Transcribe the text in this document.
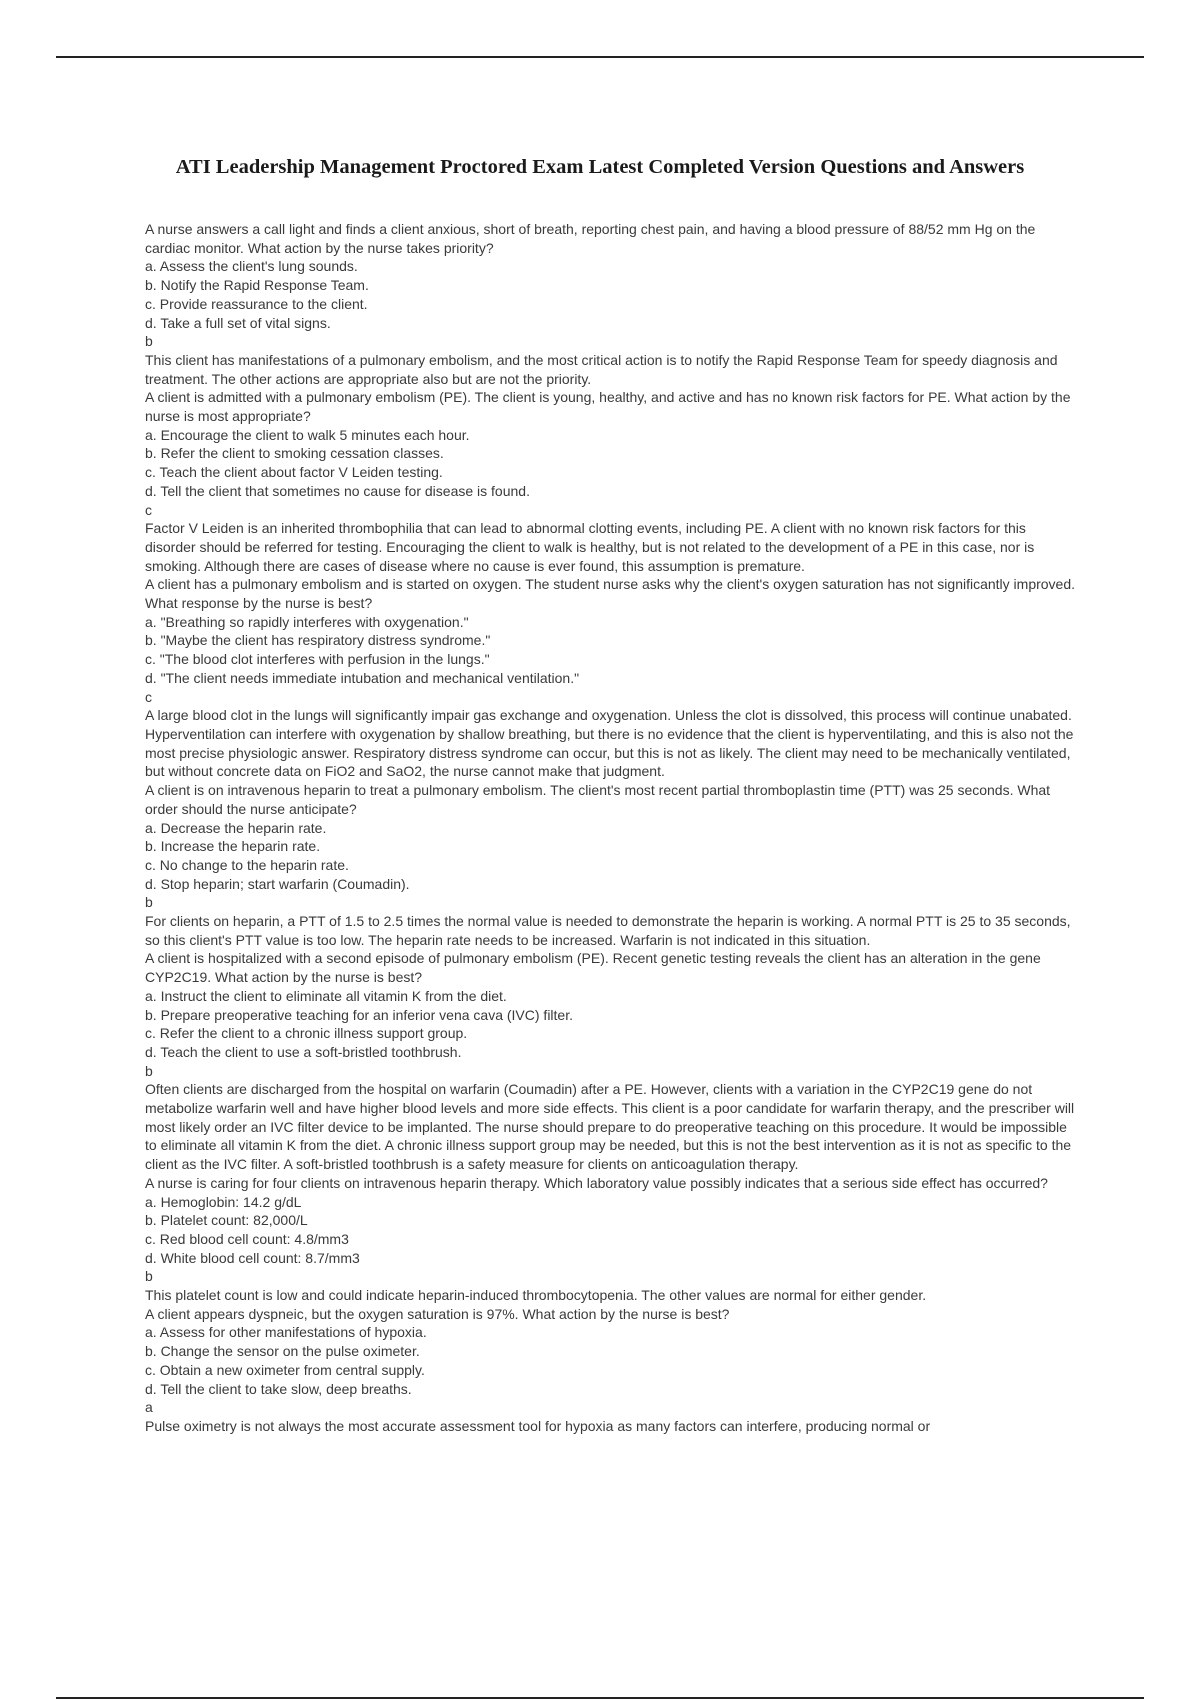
ATI Leadership Management Proctored Exam Latest Completed Version Questions and Answers

A nurse answers a call light and finds a client anxious, short of breath, reporting chest pain, and having a blood pressure of 88/52 mm Hg on the cardiac monitor. What action by the nurse takes priority?

a. Assess the client's lung sounds.
b. Notify the Rapid Response Team.
c. Provide reassurance to the client.
d. Take a full set of vital signs.

b

This client has manifestations of a pulmonary embolism, and the most critical action is to notify the Rapid Response Team for speedy diagnosis and treatment. The other actions are appropriate also but are not the priority.

A client is admitted with a pulmonary embolism (PE). The client is young, healthy, and active and has no known risk factors for PE. What action by the nurse is most appropriate?

a. Encourage the client to walk 5 minutes each hour.
b. Refer the client to smoking cessation classes.
c. Teach the client about factor V Leiden testing.
d. Tell the client that sometimes no cause for disease is found.

c

Factor V Leiden is an inherited thrombophilia that can lead to abnormal clotting events, including PE. A client with no known risk factors for this disorder should be referred for testing. Encouraging the client to walk is healthy, but is not related to the development of a PE in this case, nor is smoking. Although there are cases of disease where no cause is ever found, this assumption is premature.

A client has a pulmonary embolism and is started on oxygen. The student nurse asks why the client's oxygen saturation has not significantly improved. What response by the nurse is best?

a. "Breathing so rapidly interferes with oxygenation."
b. "Maybe the client has respiratory distress syndrome."
c. "The blood clot interferes with perfusion in the lungs."
d. "The client needs immediate intubation and mechanical ventilation."

c

A large blood clot in the lungs will significantly impair gas exchange and oxygenation. Unless the clot is dissolved, this process will continue unabated. Hyperventilation can interfere with oxygenation by shallow breathing, but there is no evidence that the client is hyperventilating, and this is also not the most precise physiologic answer. Respiratory distress syndrome can occur, but this is not as likely. The client may need to be mechanically ventilated, but without concrete data on FiO2 and SaO2, the nurse cannot make that judgment.

A client is on intravenous heparin to treat a pulmonary embolism. The client's most recent partial thromboplastin time (PTT) was 25 seconds. What order should the nurse anticipate?

a. Decrease the heparin rate.
b. Increase the heparin rate.
c. No change to the heparin rate.
d. Stop heparin; start warfarin (Coumadin).

b

For clients on heparin, a PTT of 1.5 to 2.5 times the normal value is needed to demonstrate the heparin is working. A normal PTT is 25 to 35 seconds, so this client's PTT value is too low. The heparin rate needs to be increased. Warfarin is not indicated in this situation.

A client is hospitalized with a second episode of pulmonary embolism (PE). Recent genetic testing reveals the client has an alteration in the gene CYP2C19. What action by the nurse is best?

a. Instruct the client to eliminate all vitamin K from the diet.
b. Prepare preoperative teaching for an inferior vena cava (IVC) filter.
c. Refer the client to a chronic illness support group.
d. Teach the client to use a soft-bristled toothbrush.

b

Often clients are discharged from the hospital on warfarin (Coumadin) after a PE. However, clients with a variation in the CYP2C19 gene do not metabolize warfarin well and have higher blood levels and more side effects. This client is a poor candidate for warfarin therapy, and the prescriber will most likely order an IVC filter device to be implanted. The nurse should prepare to do preoperative teaching on this procedure. It would be impossible to eliminate all vitamin K from the diet. A chronic illness support group may be needed, but this is not the best intervention as it is not as specific to the client as the IVC filter. A soft-bristled toothbrush is a safety measure for clients on anticoagulation therapy.

A nurse is caring for four clients on intravenous heparin therapy. Which laboratory value possibly indicates that a serious side effect has occurred?

a. Hemoglobin: 14.2 g/dL
b. Platelet count: 82,000/L
c. Red blood cell count: 4.8/mm3
d. White blood cell count: 8.7/mm3

b

This platelet count is low and could indicate heparin-induced thrombocytopenia. The other values are normal for either gender.

A client appears dyspneic, but the oxygen saturation is 97%. What action by the nurse is best?

a. Assess for other manifestations of hypoxia.
b. Change the sensor on the pulse oximeter.
c. Obtain a new oximeter from central supply.
d. Tell the client to take slow, deep breaths.

a

Pulse oximetry is not always the most accurate assessment tool for hypoxia as many factors can interfere, producing normal or
